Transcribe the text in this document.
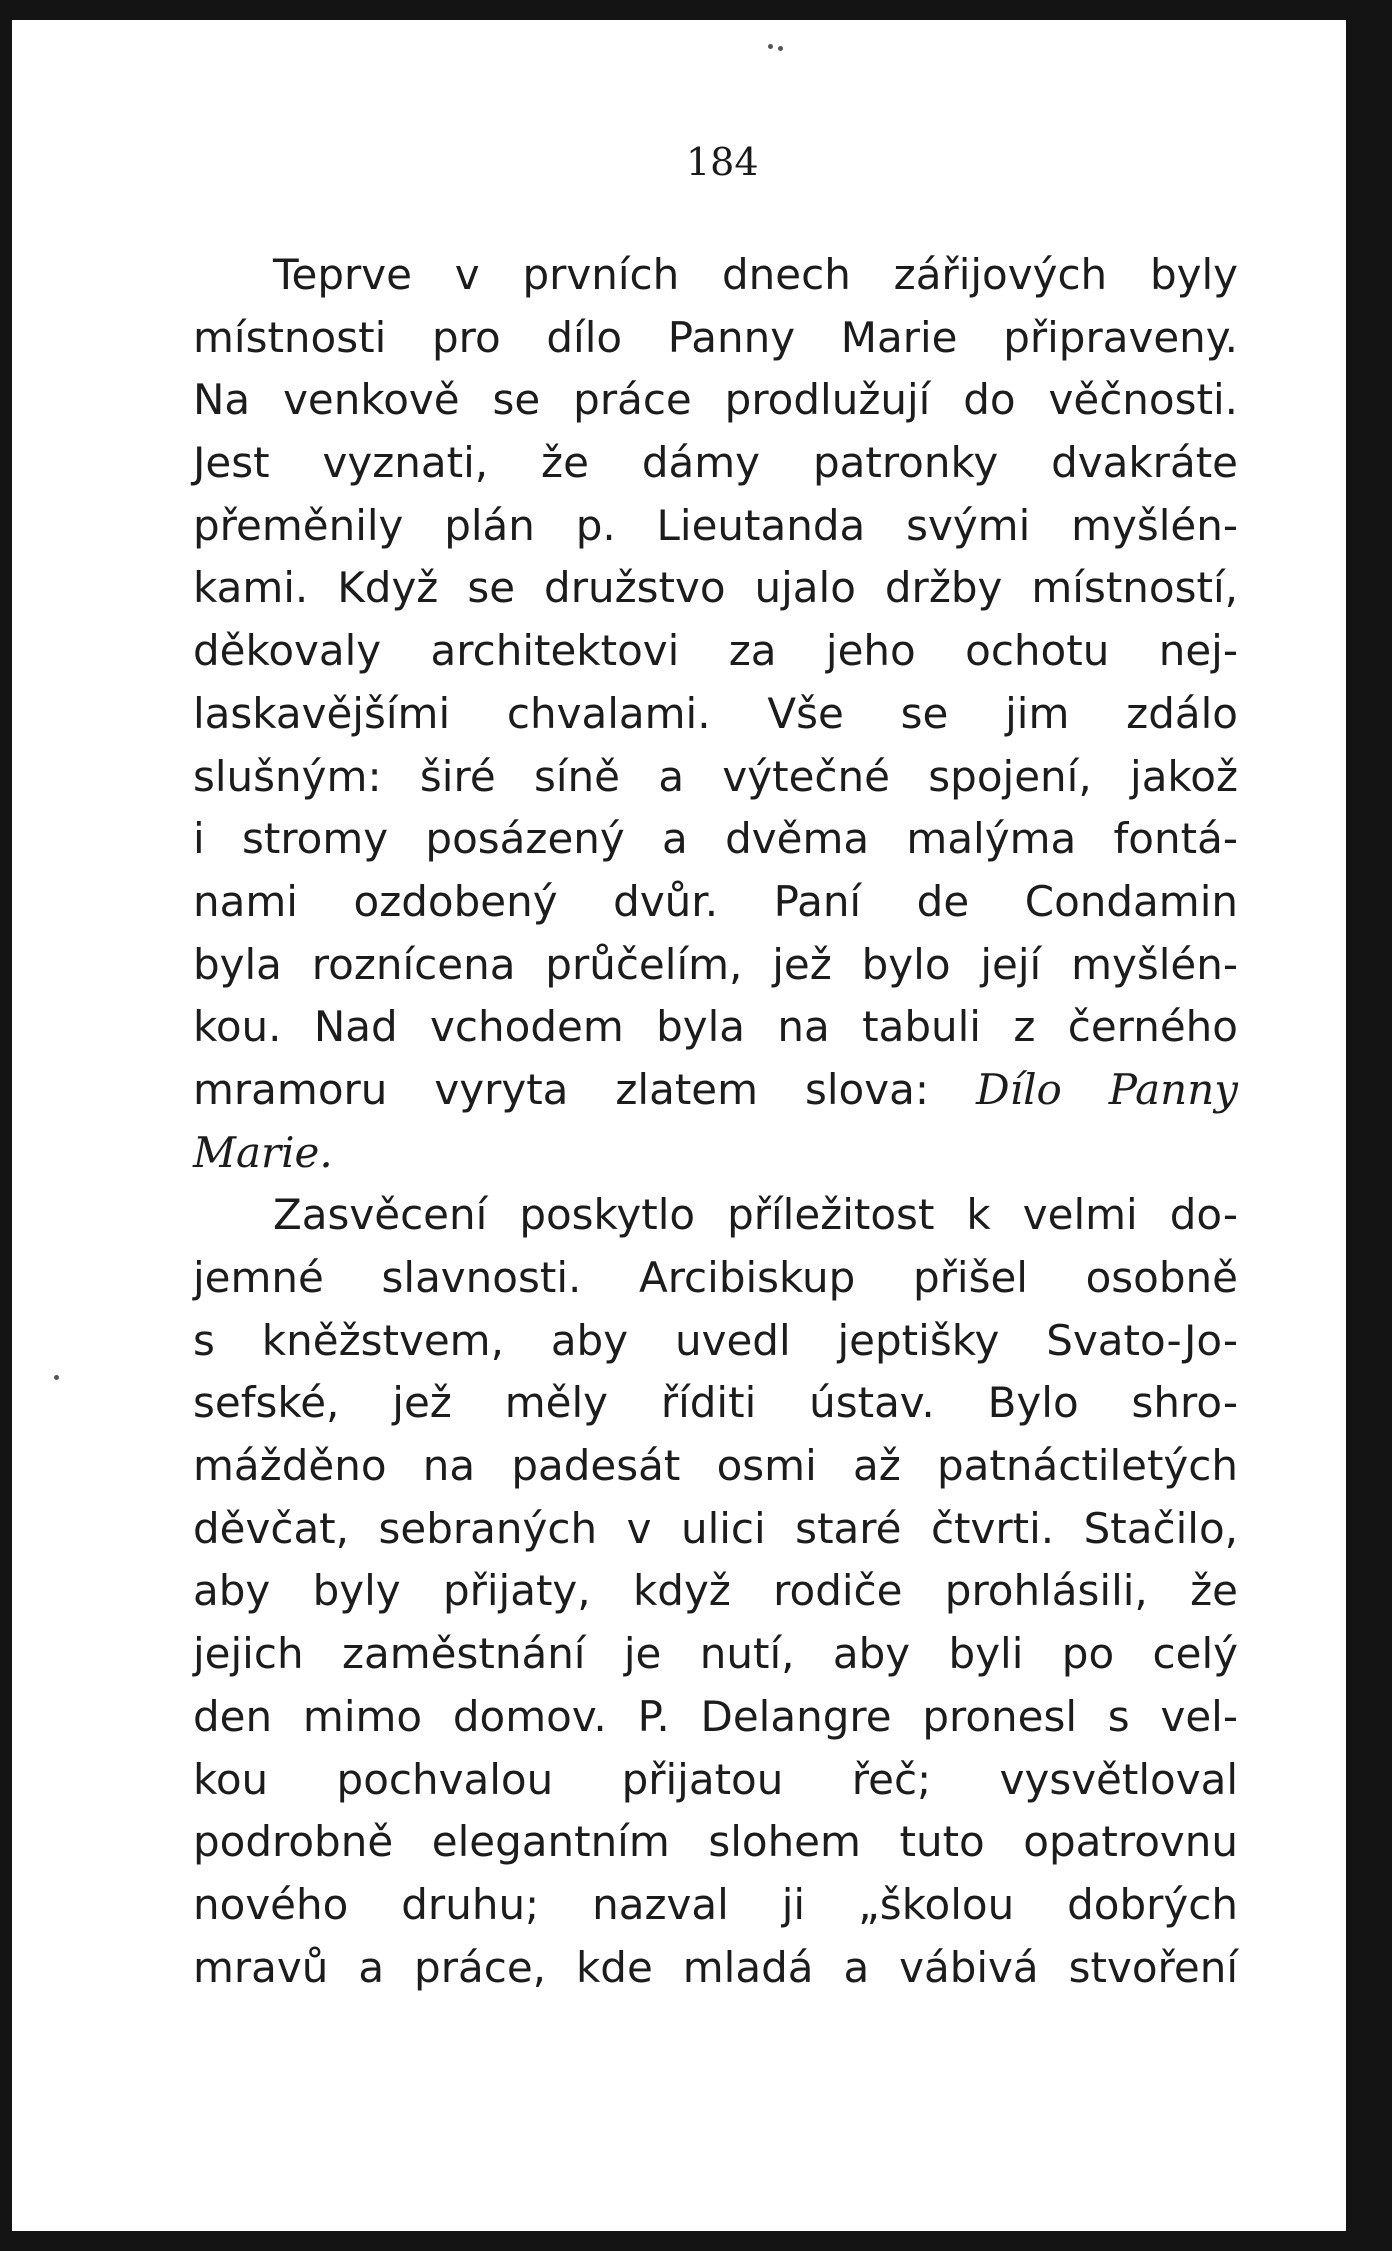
184
Teprve v prvních dnech zářijových byly
místnosti pro dílo Panny Marie připraveny.
Na venkově se práce prodlužují do věčnosti.
Jest vyznati, že dámy patronky dvakráte
přeměnily plán p. Lieutanda svými myšlén-
kami. Když se družstvo ujalo držby místností,
děkovaly architektovi za jeho ochotu nej-
laskavějšími chvalami. Vše se jim zdálo
slušným: širé síně a výtečné spojení, jakož
i stromy posázený a dvěma malýma fontá-
nami ozdobený dvůr. Paní de Condamin
byla roznícena průčelím, jež bylo její myšlén-
kou. Nad vchodem byla na tabuli z černého
mramoru vyryta zlatem slova: Dílo Panny
Marie.
Zasvěcení poskytlo příležitost k velmi do-
jemné slavnosti. Arcibiskup přišel osobně
s kněžstvem, aby uvedl jeptišky Svato-Jo-
sefské, jež měly říditi ústav. Bylo shro-
mážděno na padesát osmi až patnáctiletých
děvčat, sebraných v ulici staré čtvrti. Stačilo,
aby byly přijaty, když rodiče prohlásili, že
jejich zaměstnání je nutí, aby byli po celý
den mimo domov. P. Delangre pronesl s vel-
kou pochvalou přijatou řeč; vysvětloval
podrobně elegantním slohem tuto opatrovnu
nového druhu; nazval ji „školou dobrých
mravů a práce, kde mladá a vábivá stvoření
